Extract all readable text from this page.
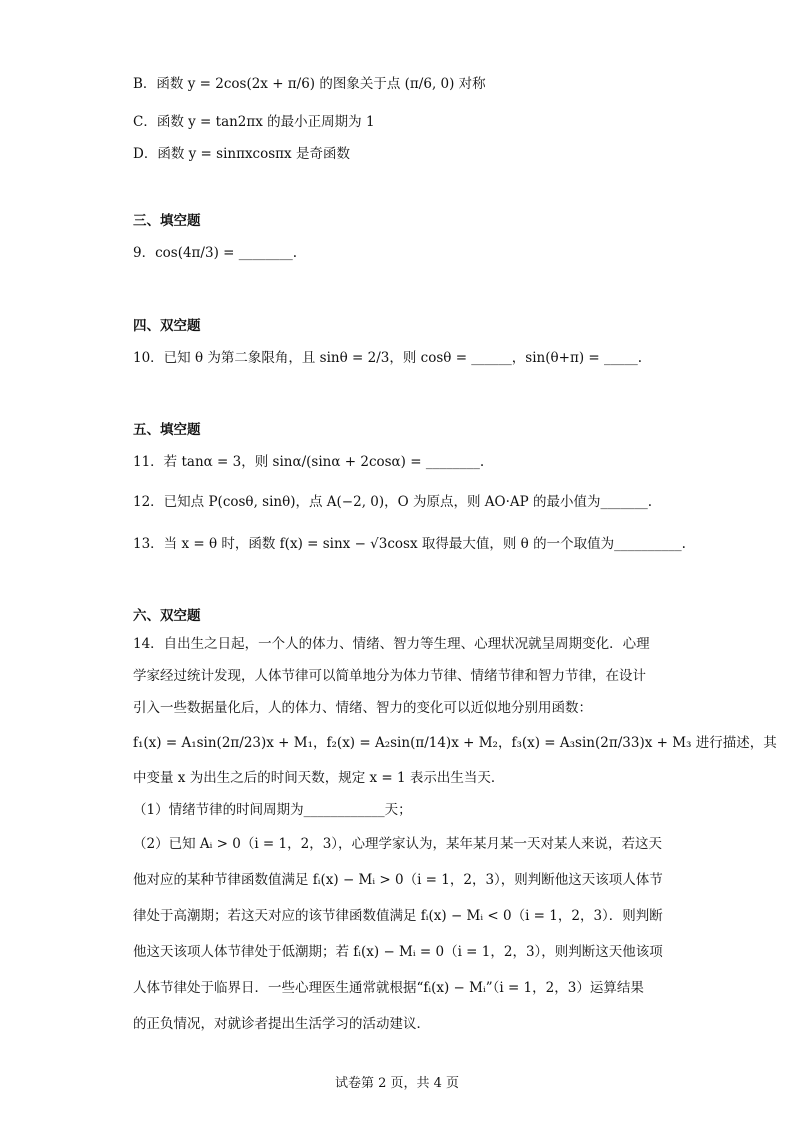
B．函数 y = 2cos(2x + π/6) 的图象关于点 (π/6, 0) 对称
C．函数 y = tan2πx 的最小正周期为 1
D．函数 y = sinπxcosπx 是奇函数
三、填空题
9．cos(4π/3) = ________.
四、双空题
10．已知 θ 为第二象限角，且 sinθ = 2/3，则 cosθ = ______，sin(θ+π) = _____.
五、填空题
11．若 tanα = 3，则 sinα/(sinα + 2cosα) = ________.
12．已知点 P(cosθ, sinθ)，点 A(−2, 0)，O 为原点，则 AO·AP 的最小值为_______.
13．当 x = θ 时，函数 f(x) = sinx − √3cosx 取得最大值，则 θ 的一个取值为__________.
六、双空题
14．自出生之日起，一个人的体力、情绪、智力等生理、心理状况就呈周期变化．心理
学家经过统计发现，人体节律可以简单地分为体力节律、情绪节律和智力节律，在设计
引入一些数据量化后，人的体力、情绪、智力的变化可以近似地分别用函数：
f₁(x) = A₁sin(2π/23)x + M₁，f₂(x) = A₂sin(π/14)x + M₂，f₃(x) = A₃sin(2π/33)x + M₃ 进行描述，其
中变量 x 为出生之后的时间天数，规定 x = 1 表示出生当天．
（1）情绪节律的时间周期为____________天；
（2）已知 Aᵢ > 0（i = 1，2，3），心理学家认为，某年某月某一天对某人来说，若这天
他对应的某种节律函数值满足 fᵢ(x) − Mᵢ > 0（i = 1，2，3），则判断他这天该项人体节
律处于高潮期；若这天对应的该节律函数值满足 fᵢ(x) − Mᵢ < 0（i = 1，2，3）．则判断
他这天该项人体节律处于低潮期；若 fᵢ(x) − Mᵢ = 0（i = 1，2，3），则判断这天他该项
人体节律处于临界日．一些心理医生通常就根据“fᵢ(x) − Mᵢ”（i = 1，2，3）运算结果
的正负情况，对就诊者提出生活学习的活动建议．
试卷第 2 页，共 4 页
